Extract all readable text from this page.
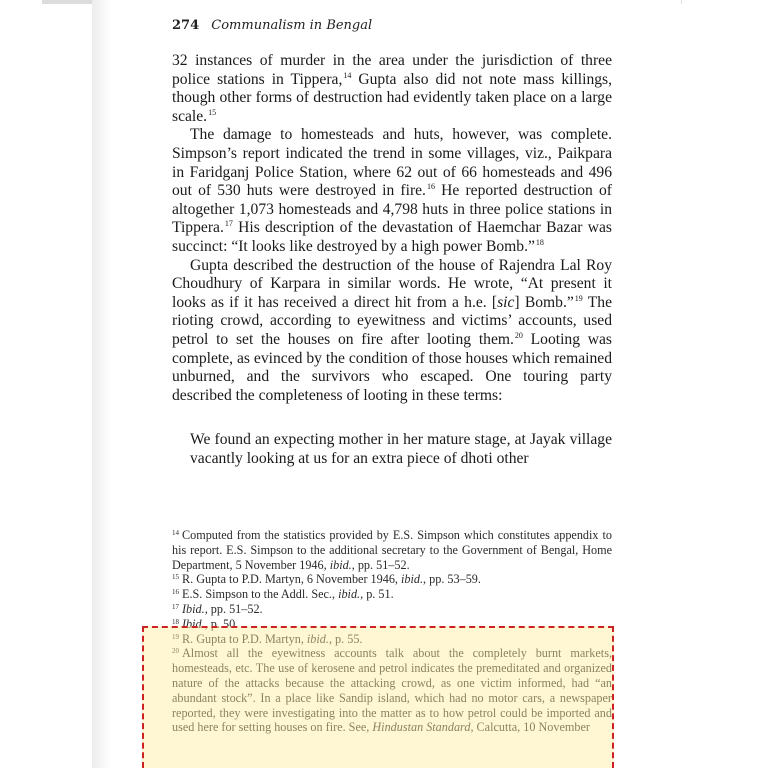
274 Communalism in Bengal

32 instances of murder in the area under the jurisdiction of three police stations in Tippera,$^{14}$ Gupta also did not note mass killings, though other forms of destruction had evidently taken place on a large scale.$^{15}$

The damage to homesteads and huts, however, was complete. Simpson’s report indicated the trend in some villages, viz., Paikpara in Faridganj Police Station, where 62 out of 66 homesteads and 496 out of 530 huts were destroyed in fire.$^{16}$ He reported destruction of altogether 1,073 homesteads and 4,798 huts in three police stations in Tippera.$^{17}$ His description of the devastation of Haemchar Bazar was succinct: “It looks like destroyed by a high power Bomb.”$^{18}$

Gupta described the destruction of the house of Rajendra Lal Roy Choudhury of Karpara in similar words. He wrote, “At present it looks as if it has received a direct hit from a h.e. [sic] Bomb.”$^{19}$ The rioting crowd, according to eyewitness and victims’ accounts, used petrol to set the houses on fire after looting them.$^{20}$ Looting was complete, as evinced by the condition of those houses which remained unburned, and the survivors who escaped. One touring party described the completeness of looting in these terms:

We found an expecting mother in her mature stage, at Jayak village vacantly looking at us for an extra piece of dhoti other

$^{14}$ Computed from the statistics provided by E.S. Simpson which constitutes appendix to his report. E.S. Simpson to the additional secretary to the Government of Bengal, Home Department, 5 November 1946, ibid., pp. 51–52.

$^{15}$ R. Gupta to P.D. Martyn, 6 November 1946, ibid., pp. 53–59.

$^{16}$ E.S. Simpson to the Addl. Sec., ibid., p. 51.

$^{17}$ Ibid., pp. 51–52.

$^{18}$ Ibid., p. 50.

$^{19}$ R. Gupta to P.D. Martyn, ibid., p. 55.

$^{20}$ Almost all the eyewitness accounts talk about the completely burnt markets, homesteads, etc. The use of kerosene and petrol indicates the premeditated and organized nature of the attacks because the attacking crowd, as one victim informed, had “an abundant stock”. In a place like Sandip island, which had no motor cars, a newspaper reported, they were investigating into the matter as to how petrol could be imported and used here for setting houses on fire. See, Hindustan Standard, Calcutta, 10 November
